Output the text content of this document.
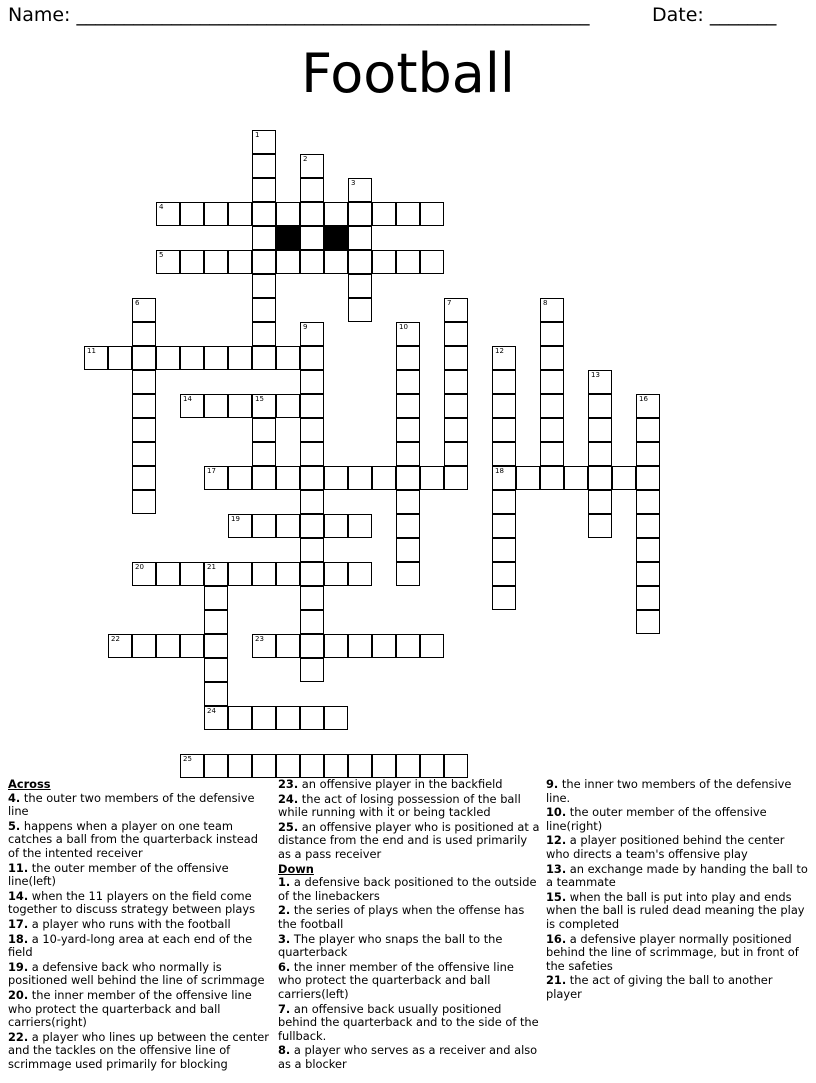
Name: ______________________________________________________	Date: _______
Football
1
2
3
4
5
6	7	8
9	10
11	12
18
13
14	15	16
17
19
20	21
22	23
24
25
Across
4. the outer two members of the defensive line
5. happens when a player on one team catches a ball from the quarterback instead of the intented receiver
11. the outer member of the offensive line(left)
14. when the 11 players on the field come together to discuss strategy between plays
17. a player who runs with the football
18. a 10-yard-long area at each end of the field
19. a defensive back who normally is positioned well behind the line of scrimmage
20. the inner member of the offensive line who protect the quarterback and ball carriers(right)
22. a player who lines up between the center and the tackles on the offensive line of scrimmage used primarily for blocking
23. an offensive player in the backfield
24. the act of losing possession of the ball while running with it or being tackled
25. an offensive player who is positioned at a distance from the end and is used primarily as a pass receiver
Down
1. a defensive back positioned to the outside of the linebackers
2. the series of plays when the offense has the football
3. The player who snaps the ball to the quarterback
6. the inner member of the offensive line who protect the quarterback and ball carriers(left)
7. an offensive back usually positioned behind the quarterback and to the side of the fullback.
8. a player who serves as a receiver and also as a blocker
9. the inner two members of the defensive line.
10. the outer member of the offensive line(right)
12. a player positioned behind the center who directs a team's offensive play
13. an exchange made by handing the ball to a teammate
15. when the ball is put into play and ends when the ball is ruled dead meaning the play is completed
16. a defensive player normally positioned behind the line of scrimmage, but in front of the safeties
21. the act of giving the ball to another player
